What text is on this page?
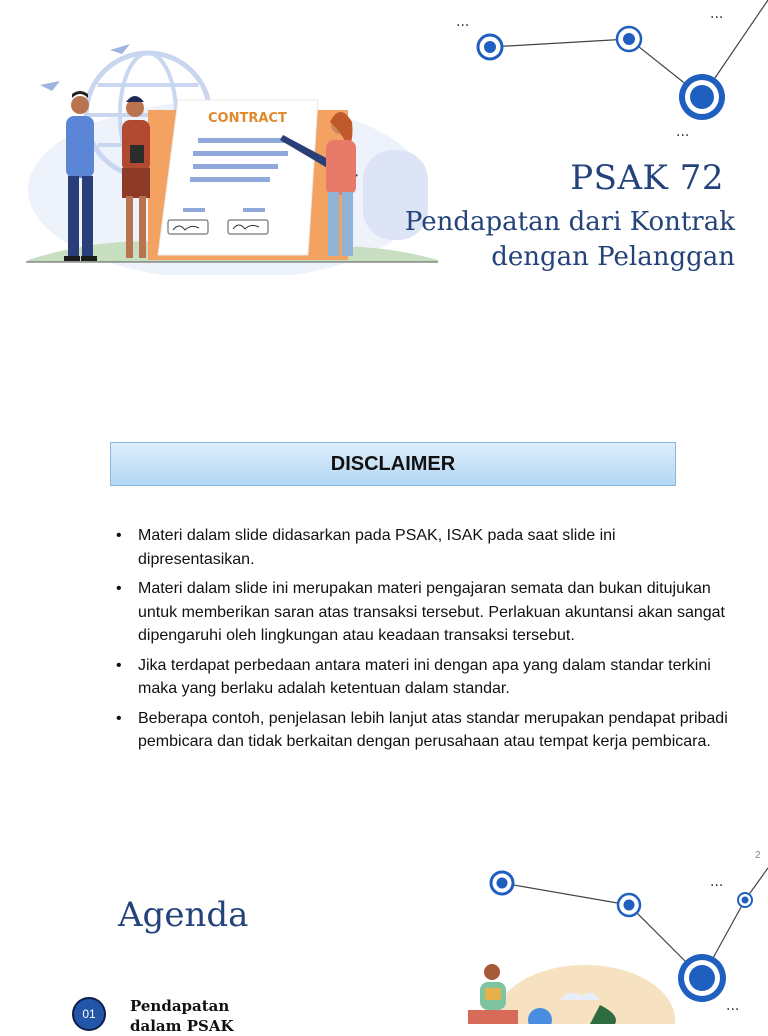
...	...
...
CONTRACT
PSAK 72
Pendapatan dari Kontrak
dengan Pelanggan
DISCLAIMER
• Materi dalam slide didasarkan pada PSAK, ISAK pada saat slide ini dipresentasikan.
• Materi dalam slide ini merupakan materi pengajaran semata dan bukan ditujukan untuk memberikan saran atas transaksi tersebut. Perlakuan akuntansi akan sangat dipengaruhi oleh lingkungan atau keadaan transaksi tersebut.
• Jika terdapat perbedaan antara materi ini dengan apa yang dalam standar terkini maka yang berlaku adalah ketentuan dalam standar.
• Beberapa contoh, penjelasan lebih lanjut atas standar merupakan pendapat pribadi pembicara dan tidak berkaitan dengan perusahaan atau tempat kerja pembicara.
2
...
...
Agenda
01	Pendapatan dalam PSAK
